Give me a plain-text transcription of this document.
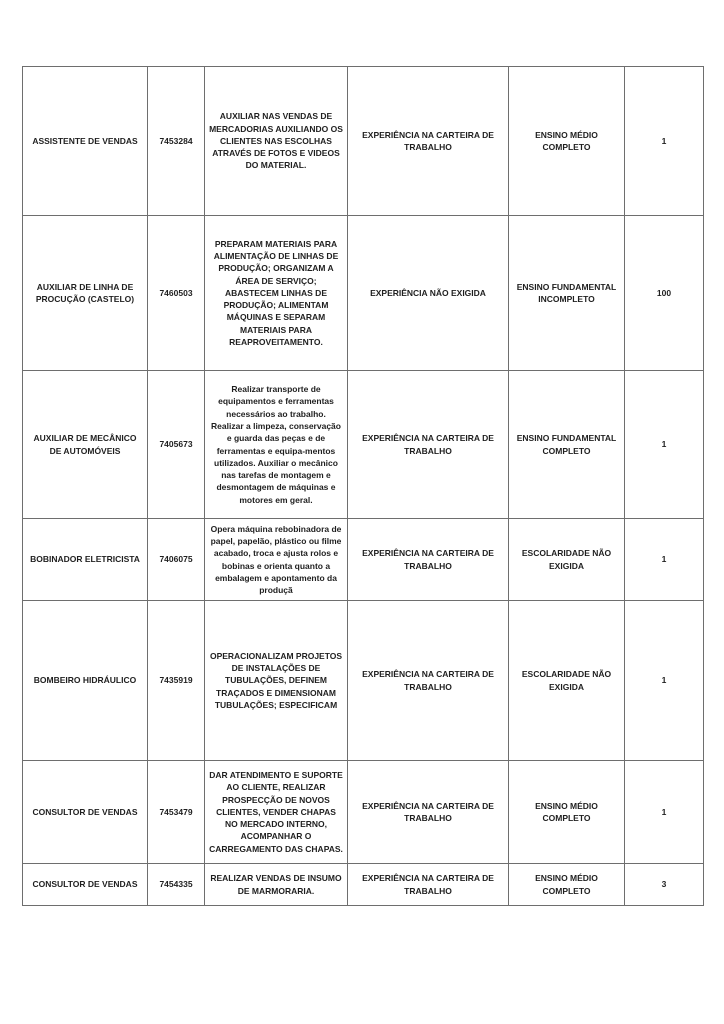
ASSISTENTE DE VENDAS	7453284	AUXILIAR NAS VENDAS DE MERCADORIAS AUXILIANDO OS CLIENTES NAS ESCOLHAS ATRAVÉS DE FOTOS E VIDEOS DO MATERIAL.	EXPERIÊNCIA NA CARTEIRA DE TRABALHO	ENSINO MÉDIO COMPLETO	1
AUXILIAR DE LINHA DE PROCUÇÃO (CASTELO)	7460503	PREPARAM MATERIAIS PARA ALIMENTAÇÃO DE LINHAS DE PRODUÇÃO; ORGANIZAM A ÁREA DE SERVIÇO; ABASTECEM LINHAS DE PRODUÇÃO; ALIMENTAM MÁQUINAS E SEPARAM MATERIAIS PARA REAPROVEITAMENTO.	EXPERIÊNCIA NÃO EXIGIDA	ENSINO FUNDAMENTAL INCOMPLETO	100
AUXILIAR DE MECÂNICO DE AUTOMÓVEIS	7405673	Realizar transporte de equipamentos e ferramentas necessários ao trabalho. Realizar a limpeza, conservação e guarda das peças e de ferramentas e equipa-mentos utilizados. Auxiliar o mecânico nas tarefas de montagem e desmontagem de máquinas e motores em geral.	EXPERIÊNCIA NA CARTEIRA DE TRABALHO	ENSINO FUNDAMENTAL COMPLETO	1
BOBINADOR ELETRICISTA	7406075	Opera máquina rebobinadora de papel, papelão, plástico ou filme acabado, troca e ajusta rolos e bobinas e orienta quanto a embalagem e apontamento da produçã	EXPERIÊNCIA NA CARTEIRA DE TRABALHO	ESCOLARIDADE NÃO EXIGIDA	1
BOMBEIRO HIDRÁULICO	7435919	OPERACIONALIZAM PROJETOS DE INSTALAÇÕES DE TUBULAÇÕES, DEFINEM TRAÇADOS E DIMENSIONAM TUBULAÇÕES; ESPECIFICAM	EXPERIÊNCIA NA CARTEIRA DE TRABALHO	ESCOLARIDADE NÃO EXIGIDA	1
CONSULTOR DE VENDAS	7453479	DAR ATENDIMENTO E SUPORTE AO CLIENTE, REALIZAR PROSPECÇÃO DE NOVOS CLIENTES, VENDER CHAPAS NO MERCADO INTERNO, ACOMPANHAR O CARREGAMENTO DAS CHAPAS.	EXPERIÊNCIA NA CARTEIRA DE TRABALHO	ENSINO MÉDIO COMPLETO	1
CONSULTOR DE VENDAS	7454335	REALIZAR VENDAS DE INSUMO DE MARMORARIA.	EXPERIÊNCIA NA CARTEIRA DE TRABALHO	ENSINO MÉDIO COMPLETO	3
